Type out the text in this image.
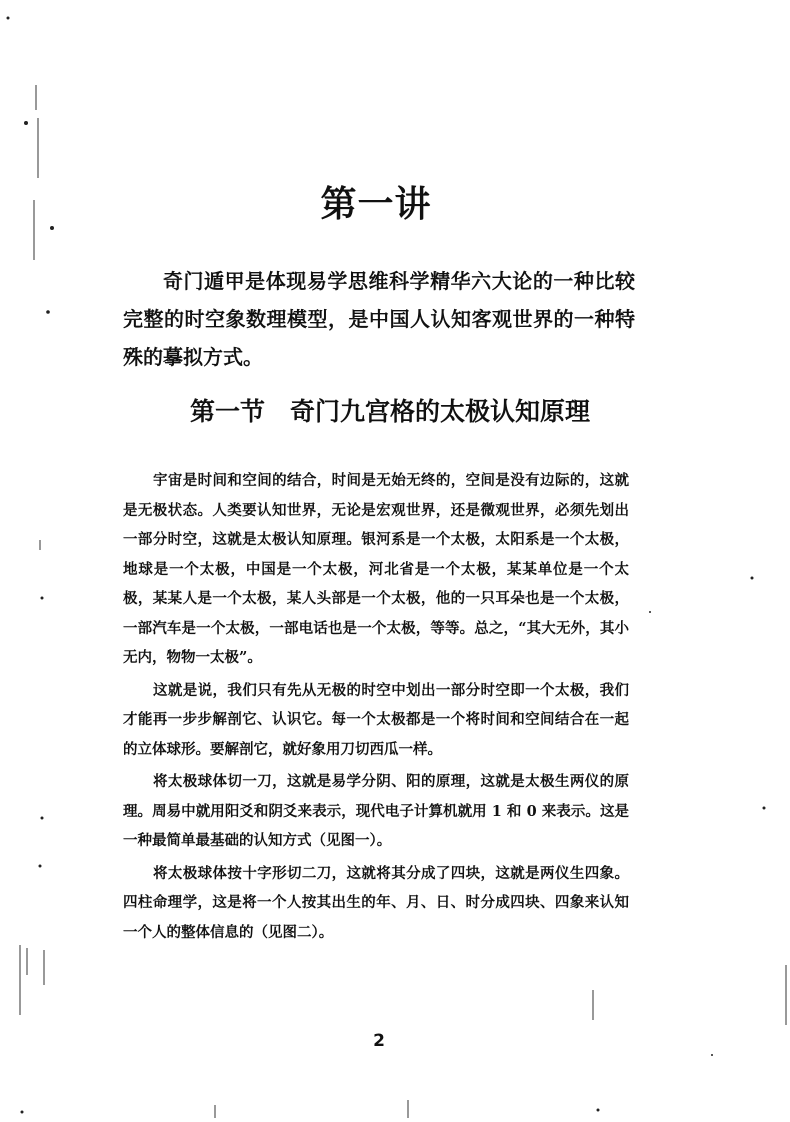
第一讲

奇门遁甲是体现易学思维科学精华六大论的一种比较完整的时空象数理模型，是中国人认知客观世界的一种特殊的摹拟方式。

第一节　奇门九宫格的太极认知原理

宇宙是时间和空间的结合，时间是无始无终的，空间是没有边际的，这就是无极状态。人类要认知世界，无论是宏观世界，还是微观世界，必须先划出一部分时空，这就是太极认知原理。银河系是一个太极，太阳系是一个太极，地球是一个太极，中国是一个太极，河北省是一个太极，某某单位是一个太极，某某人是一个太极，某人头部是一个太极，他的一只耳朵也是一个太极，一部汽车是一个太极，一部电话也是一个太极，等等。总之，“其大无外，其小无内，物物一太极”。

这就是说，我们只有先从无极的时空中划出一部分时空即一个太极，我们才能再一步步解剖它、认识它。每一个太极都是一个将时间和空间结合在一起的立体球形。要解剖它，就好象用刀切西瓜一样。

将太极球体切一刀，这就是易学分阴、阳的原理，这就是太极生两仪的原理。周易中就用阳爻和阴爻来表示，现代电子计算机就用 1 和 0 来表示。这是一种最简单最基础的认知方式（见图一）。

将太极球体按十字形切二刀，这就将其分成了四块，这就是两仪生四象。四柱命理学，这是将一个人按其出生的年、月、日、时分成四块、四象来认知一个人的整体信息的（见图二）。

2
